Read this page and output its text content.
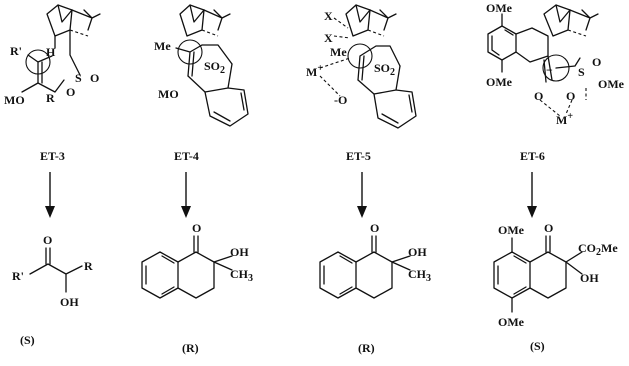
R' H
S O
O
R
MO
ET-3
Me
$SO_2$
MO
ET-4
X
X
Me
M+	$SO_2$
-O
ET-5
OMe
OMe
− S
O
OMe
O O
M+
ET-6
O
R'
R
OH
(S)
O
OH
$CH_3$
(R)
O
OH
$CH_3$
(R)
OMe O
$CO_2Me$
OH
OMe
(S)
